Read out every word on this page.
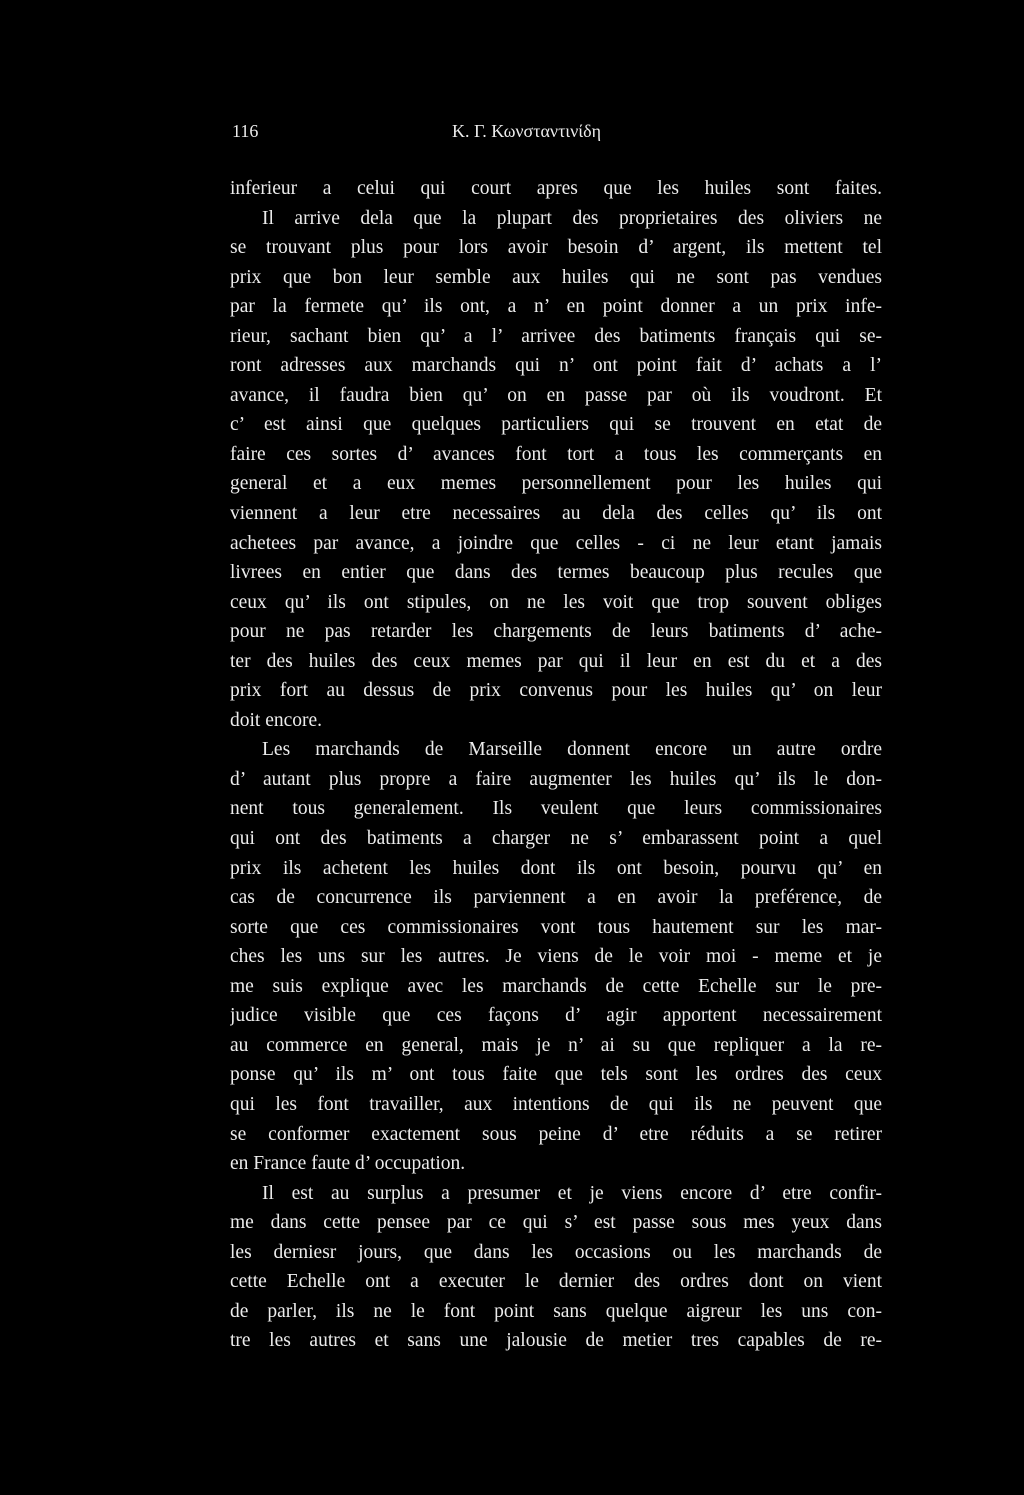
116	Κ. Γ. Κωνσταντινίδη
inferieur a celui qui court apres que les huiles sont faites.
Il arrive dela que la plupart des proprietaires des oliviers ne
se trouvant plus pour lors avoir besoin d’ argent, ils mettent tel
prix que bon leur semble aux huiles qui ne sont pas vendues
par la fermete qu’ ils ont, a n’ en point donner a un prix infe-
rieur, sachant bien qu’ a l’ arrivee des batiments français qui se-
ront adresses aux marchands qui n’ ont point fait d’ achats a l’
avance, il faudra bien qu’ on en passe par où ils voudront. Et
c’ est ainsi que quelques particuliers qui se trouvent en etat de
faire ces sortes d’ avances font tort a tous les commerçants en
general et a eux memes personnellement pour les huiles qui
viennent a leur etre necessaires au dela des celles qu’ ils ont
achetees par avance, a joindre que celles - ci ne leur etant jamais
livrees en entier que dans des termes beaucoup plus recules que
ceux qu’ ils ont stipules, on ne les voit que trop souvent obliges
pour ne pas retarder les chargements de leurs batiments d’ ache-
ter des huiles des ceux memes par qui il leur en est du et a des
prix fort au dessus de prix convenus pour les huiles qu’ on leur
doit encore.
Les marchands de Marseille donnent encore un autre ordre
d’ autant plus propre a faire augmenter les huiles qu’ ils le don-
nent tous generalement. Ils veulent que leurs commissionaires
qui ont des batiments a charger ne s’ embarassent point a quel
prix ils achetent les huiles dont ils ont besoin, pourvu qu’ en
cas de concurrence ils parviennent a en avoir la preférence, de
sorte que ces commissionaires vont tous hautement sur les mar-
ches les uns sur les autres. Je viens de le voir moi - meme et je
me suis explique avec les marchands de cette Echelle sur le pre-
judice visible que ces façons d’ agir apportent necessairement
au commerce en general, mais je n’ ai su que repliquer a la re-
ponse qu’ ils m’ ont tous faite que tels sont les ordres des ceux
qui les font travailler, aux intentions de qui ils ne peuvent que
se conformer exactement sous peine d’ etre réduits a se retirer
en France faute d’ occupation.
Il est au surplus a presumer et je viens encore d’ etre confir-
me dans cette pensee par ce qui s’ est passe sous mes yeux dans
les derniesr jours, que dans les occasions ou les marchands de
cette Echelle ont a executer le dernier des ordres dont on vient
de parler, ils ne le font point sans quelque aigreur les uns con-
tre les autres et sans une jalousie de metier tres capables de re-
